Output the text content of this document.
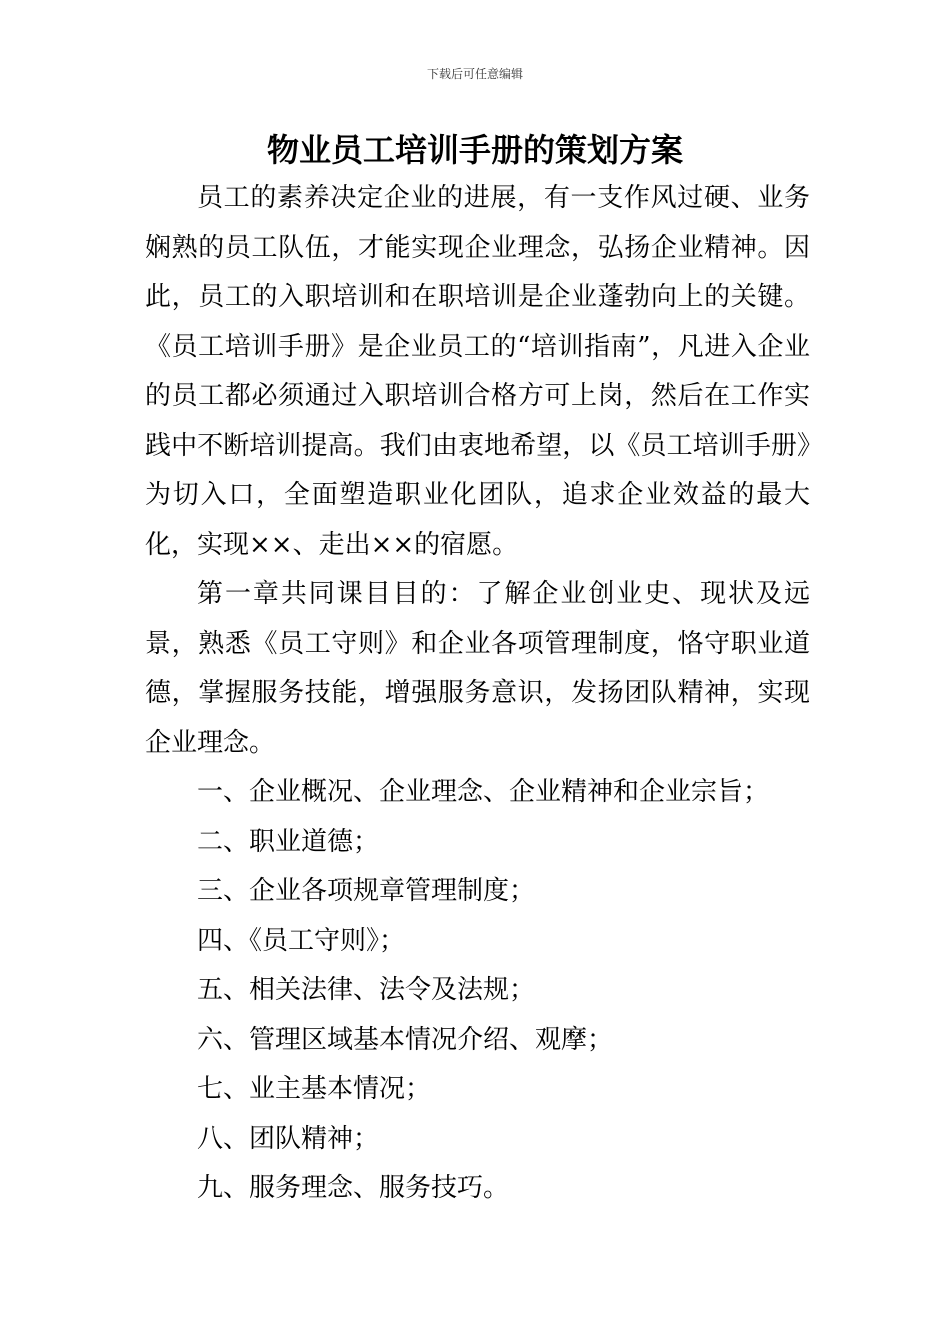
下载后可任意编辑
物业员工培训手册的策划方案

员工的素养决定企业的进展，有一支作风过硬、业务娴熟的员工队伍，才能实现企业理念，弘扬企业精神。因此，员工的入职培训和在职培训是企业蓬勃向上的关键。《员工培训手册》是企业员工的“培训指南”，凡进入企业的员工都必须通过入职培训合格方可上岗，然后在工作实践中不断培训提高。我们由衷地希望，以《员工培训手册》为切入口，全面塑造职业化团队，追求企业效益的最大化，实现××、走出××的宿愿。

第一章共同课目目的：了解企业创业史、现状及远景，熟悉《员工守则》和企业各项管理制度，恪守职业道德，掌握服务技能，增强服务意识，发扬团队精神，实现企业理念。

一、企业概况、企业理念、企业精神和企业宗旨；
二、职业道德；
三、企业各项规章管理制度；
四、《员工守则》；
五、相关法律、法令及法规；
六、管理区域基本情况介绍、观摩；
七、业主基本情况；
八、团队精神；
九、服务理念、服务技巧。
